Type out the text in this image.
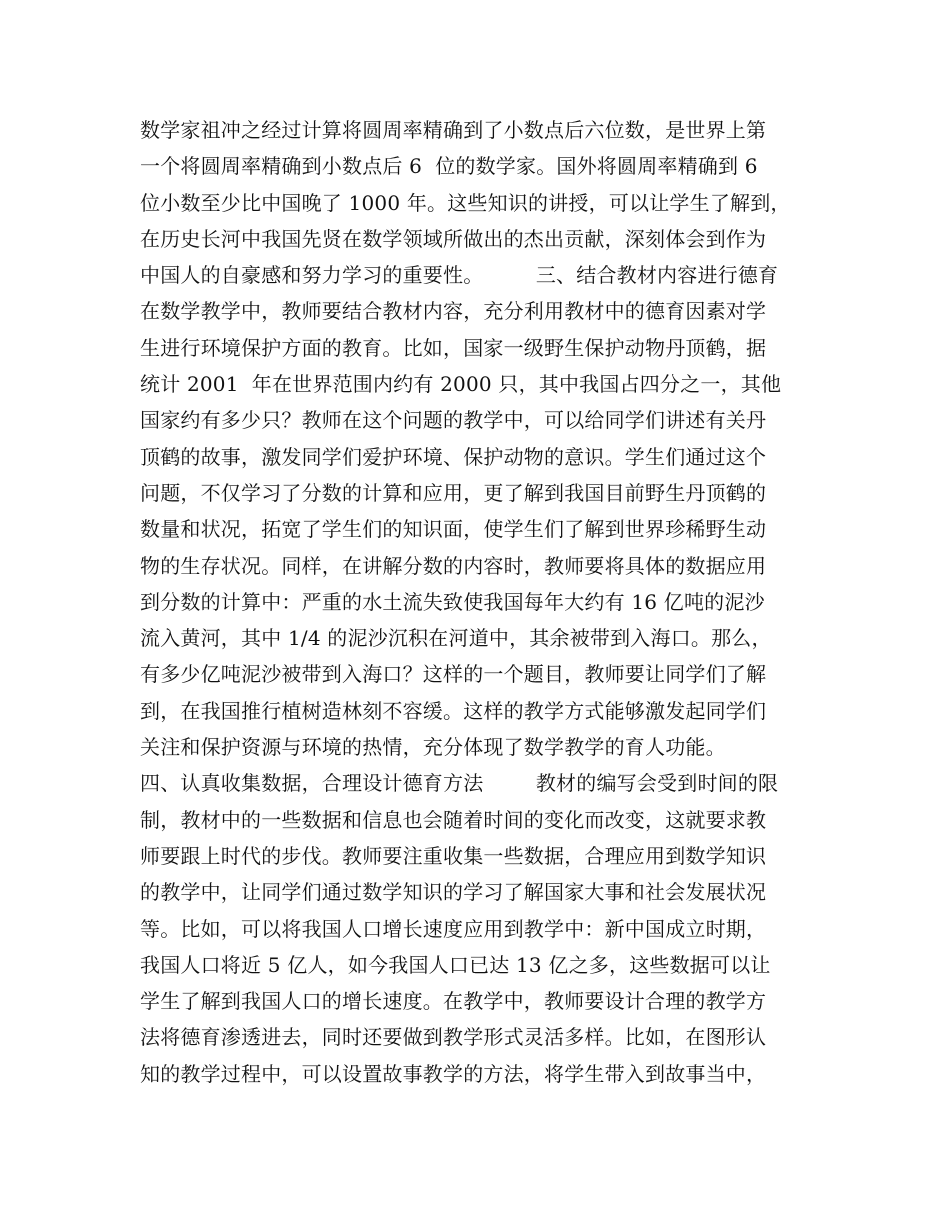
数学家祖冲之经过计算将圆周率精确到了小数点后六位数，是世界上第
一个将圆周率精确到小数点后 6  位的数学家。国外将圆周率精确到 6
位小数至少比中国晚了 1000 年。这些知识的讲授，可以让学生了解到，
在历史长河中我国先贤在数学领域所做出的杰出贡献，深刻体会到作为
中国人的自豪感和努力学习的重要性。        三、结合教材内容进行德育
在数学教学中，教师要结合教材内容，充分利用教材中的德育因素对学
生进行环境保护方面的教育。比如，国家一级野生保护动物丹顶鹤，据
统计 2001  年在世界范围内约有 2000 只，其中我国占四分之一，其他
国家约有多少只？教师在这个问题的教学中，可以给同学们讲述有关丹
顶鹤的故事，激发同学们爱护环境、保护动物的意识。学生们通过这个
问题，不仅学习了分数的计算和应用，更了解到我国目前野生丹顶鹤的
数量和状况，拓宽了学生们的知识面，使学生们了解到世界珍稀野生动
物的生存状况。同样，在讲解分数的内容时，教师要将具体的数据应用
到分数的计算中：严重的水土流失致使我国每年大约有 16 亿吨的泥沙
流入黄河，其中 1/4 的泥沙沉积在河道中，其余被带到入海口。那么，
有多少亿吨泥沙被带到入海口？这样的一个题目，教师要让同学们了解
到，在我国推行植树造林刻不容缓。这样的教学方式能够激发起同学们
关注和保护资源与环境的热情，充分体现了数学教学的育人功能。
四、认真收集数据，合理设计德育方法        教材的编写会受到时间的限
制，教材中的一些数据和信息也会随着时间的变化而改变，这就要求教
师要跟上时代的步伐。教师要注重收集一些数据，合理应用到数学知识
的教学中，让同学们通过数学知识的学习了解国家大事和社会发展状况
等。比如，可以将我国人口增长速度应用到教学中：新中国成立时期，
我国人口将近 5 亿人，如今我国人口已达 13 亿之多，这些数据可以让
学生了解到我国人口的增长速度。在教学中，教师要设计合理的教学方
法将德育渗透进去，同时还要做到教学形式灵活多样。比如，在图形认
知的教学过程中，可以设置故事教学的方法，将学生带入到故事当中，
